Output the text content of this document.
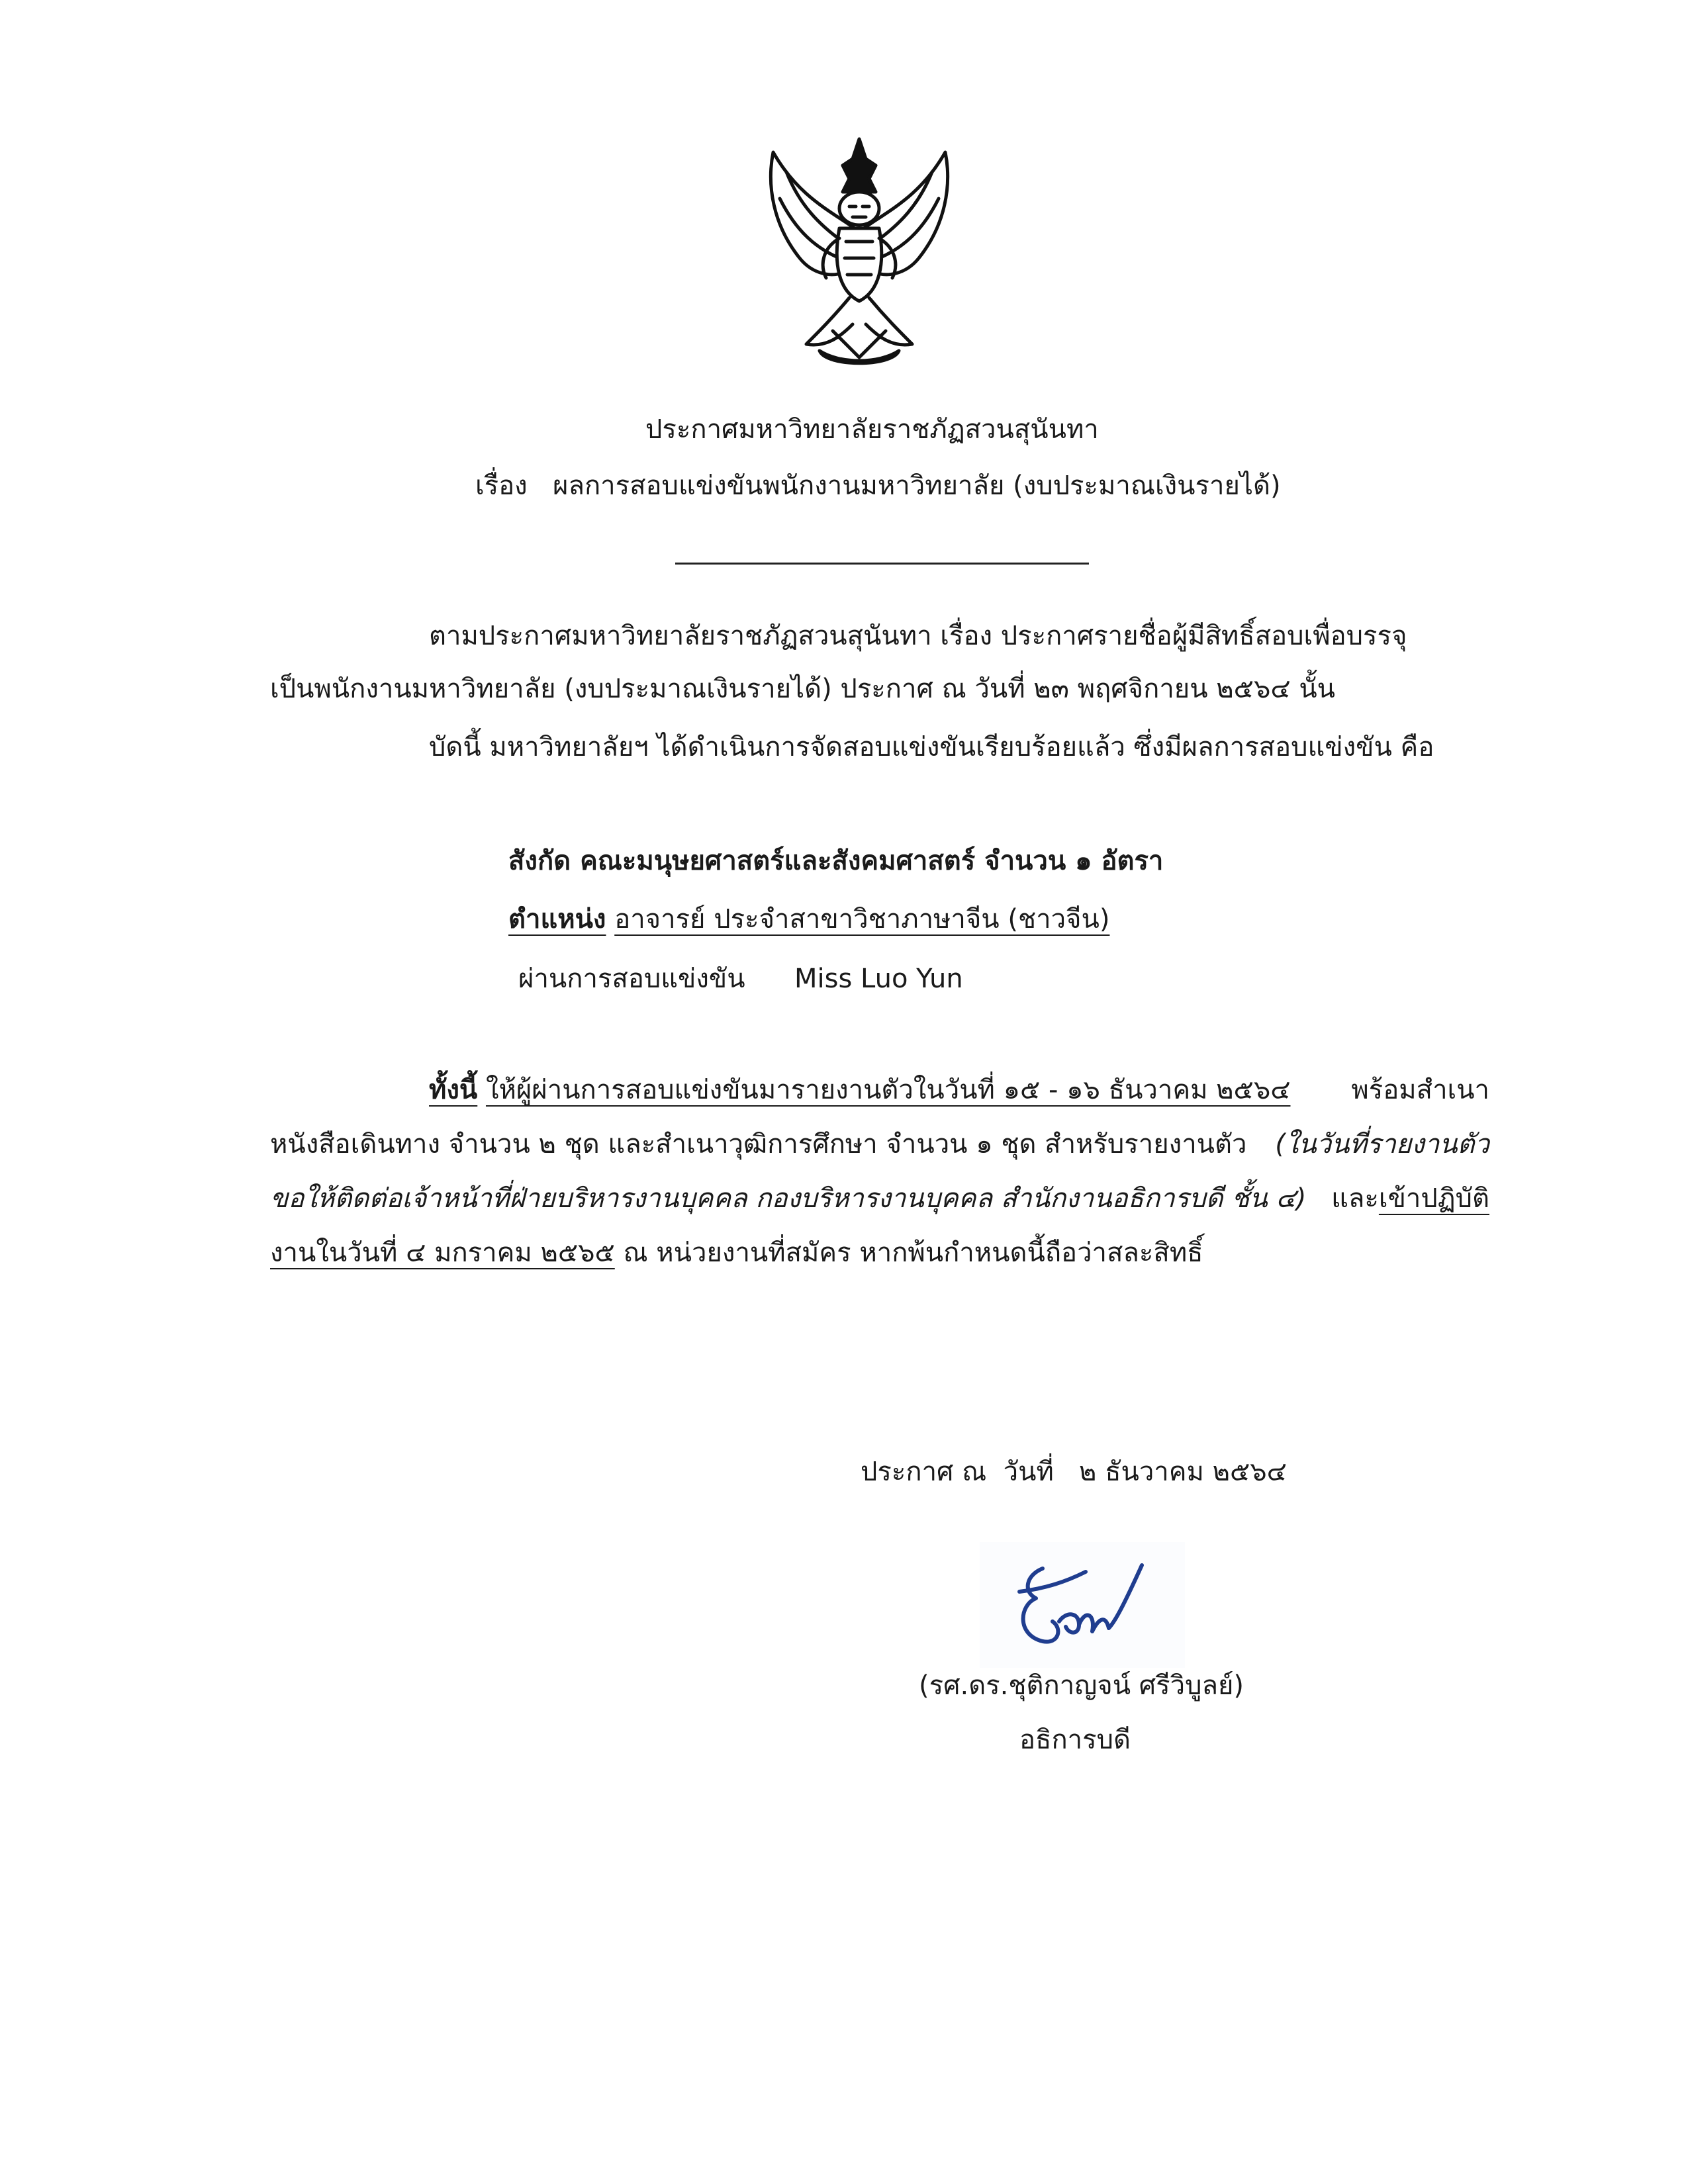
ประกาศมหาวิทยาลัยราชภัฏสวนสุนันทา
เรื่อง ผลการสอบแข่งขันพนักงานมหาวิทยาลัย (งบประมาณเงินรายได้)
ตามประกาศมหาวิทยาลัยราชภัฏสวนสุนันทา เรื่อง ประกาศรายชื่อผู้มีสิทธิ์สอบเพื่อบรรจุ
เป็นพนักงานมหาวิทยาลัย (งบประมาณเงินรายได้) ประกาศ ณ วันที่ ๒๓ พฤศจิกายน ๒๕๖๔ นั้น
บัดนี้ มหาวิทยาลัยฯ ได้ดำเนินการจัดสอบแข่งขันเรียบร้อยแล้ว ซึ่งมีผลการสอบแข่งขัน คือ
สังกัด คณะมนุษยศาสตร์และสังคมศาสตร์ จำนวน ๑ อัตรา
ตำแหน่ง อาจารย์ ประจำสาขาวิชาภาษาจีน (ชาวจีน)
ผ่านการสอบแข่งขัน Miss Luo Yun
ทั้งนี้ ให้ผู้ผ่านการสอบแข่งขันมารายงานตัวในวันที่ ๑๕ - ๑๖ ธันวาคม ๒๕๖๔ พร้อมสำเนา
หนังสือเดินทาง จำนวน ๒ ชุด และสำเนาวุฒิการศึกษา จำนวน ๑ ชุด สำหรับรายงานตัว (ในวันที่รายงานตัว
ขอให้ติดต่อเจ้าหน้าที่ฝ่ายบริหารงานบุคคล กองบริหารงานบุคคล สำนักงานอธิการบดี ชั้น ๔) และเข้าปฏิบัติ
งานในวันที่ ๔ มกราคม ๒๕๖๕ ณ หน่วยงานที่สมัคร หากพ้นกำหนดนี้ถือว่าสละสิทธิ์
ประกาศ ณ  วันที่   ๒ ธันวาคม ๒๕๖๔
(รศ.ดร.ชุติกาญจน์ ศรีวิบูลย์)
อธิการบดี
